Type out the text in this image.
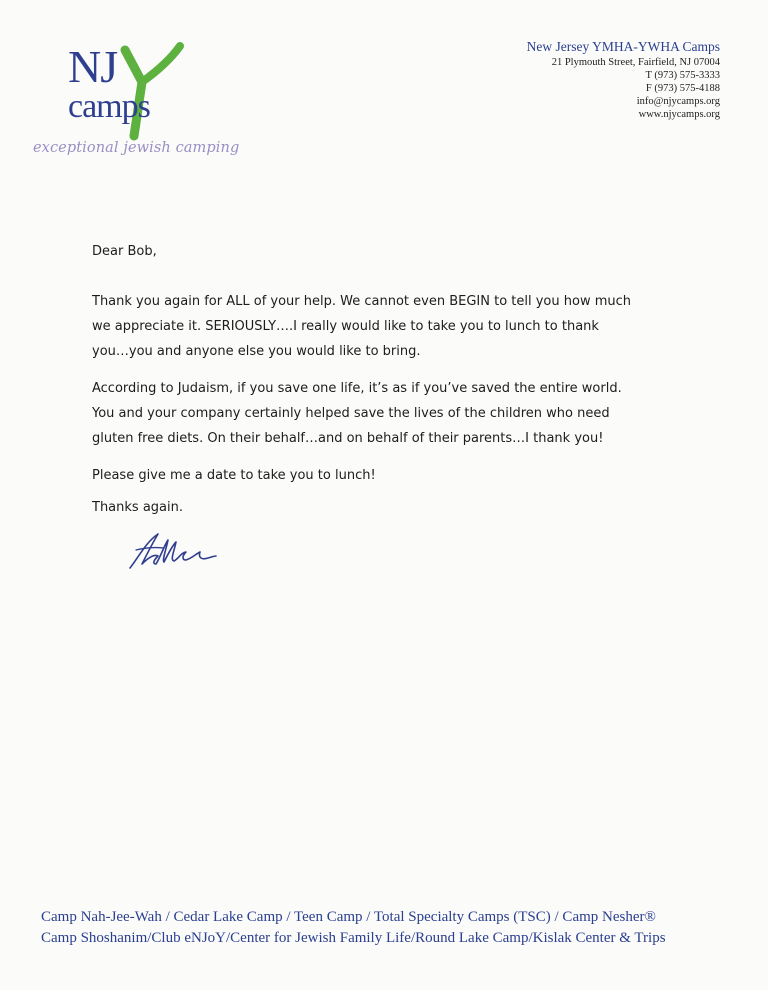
NJ
camps
exceptional jewish camping
New Jersey YMHA-YWHA Camps
21 Plymouth Street, Fairfield, NJ 07004
T (973) 575-3333
F (973) 575-4188
info@njycamps.org
www.njycamps.org
Dear Bob,
Thank you again for ALL of your help. We cannot even BEGIN to tell you how much
we appreciate it. SERIOUSLY….I really would like to take you to lunch to thank
you…you and anyone else you would like to bring.
According to Judaism, if you save one life, it’s as if you’ve saved the entire world.
You and your company certainly helped save the lives of the children who need
gluten free diets. On their behalf…and on behalf of their parents…I thank you!
Please give me a date to take you to lunch!
Thanks again.
Camp Nah-Jee-Wah / Cedar Lake Camp / Teen Camp / Total Specialty Camps (TSC) / Camp Nesher®
Camp Shoshanim/Club eNJoY/Center for Jewish Family Life/Round Lake Camp/Kislak Center & Trips
